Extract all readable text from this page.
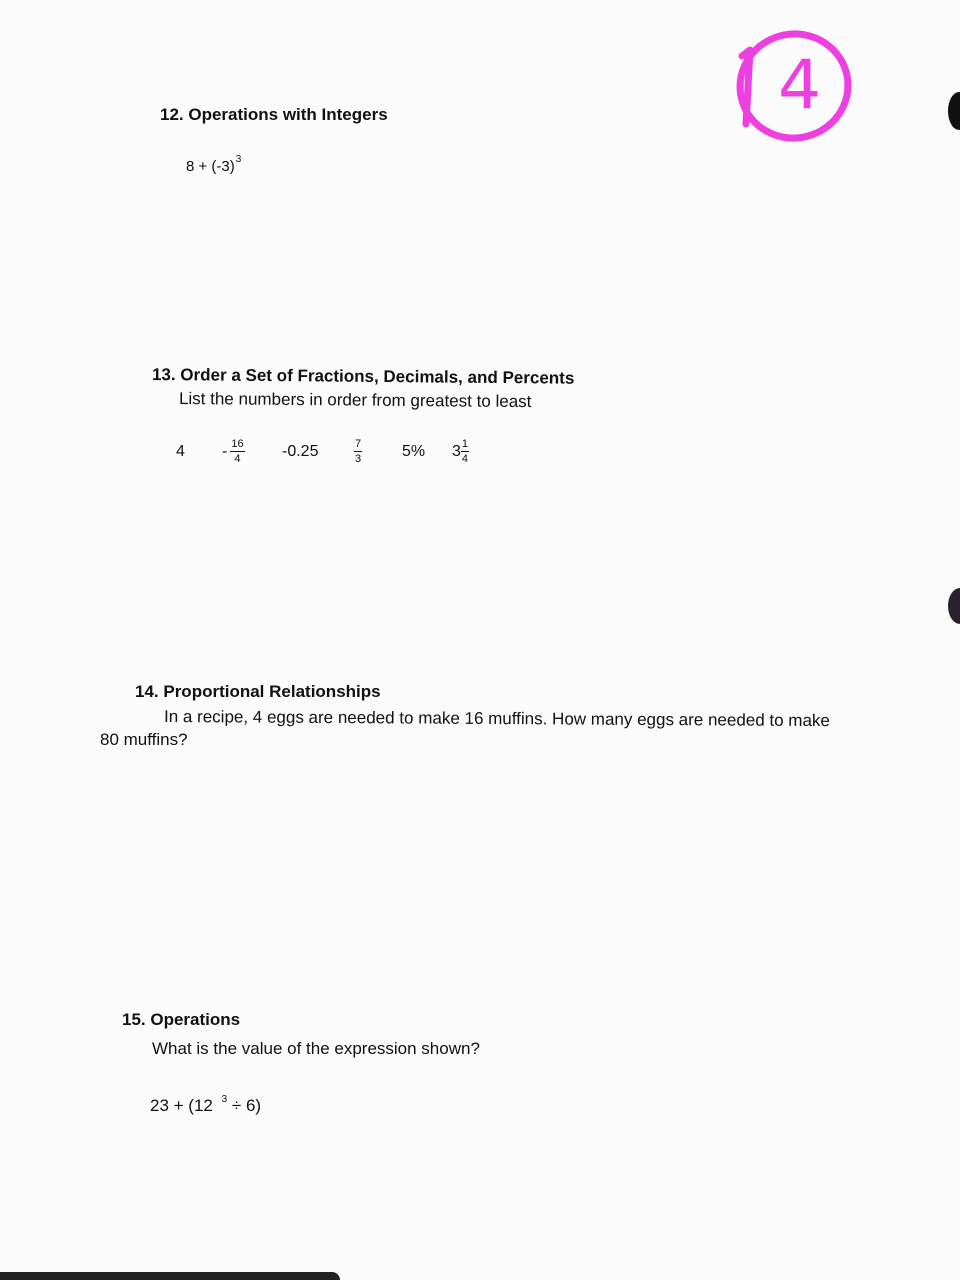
4
12. Operations with Integers
$8 + (-3)^3$
13. Order a Set of Fractions, Decimals, and Percents
List the numbers in order from greatest to least
4	- $\frac{16}{4} -0.25$	$\frac{7}{3} 5\%$	$3 \frac{1}{4}$
14. Proportional Relationships
In a recipe, 4 eggs are needed to make 16 muffins. How many eggs are needed to make
80 muffins?
15. Operations
What is the value of the expression shown?
23 + (12 $^3$ ÷ 6)
